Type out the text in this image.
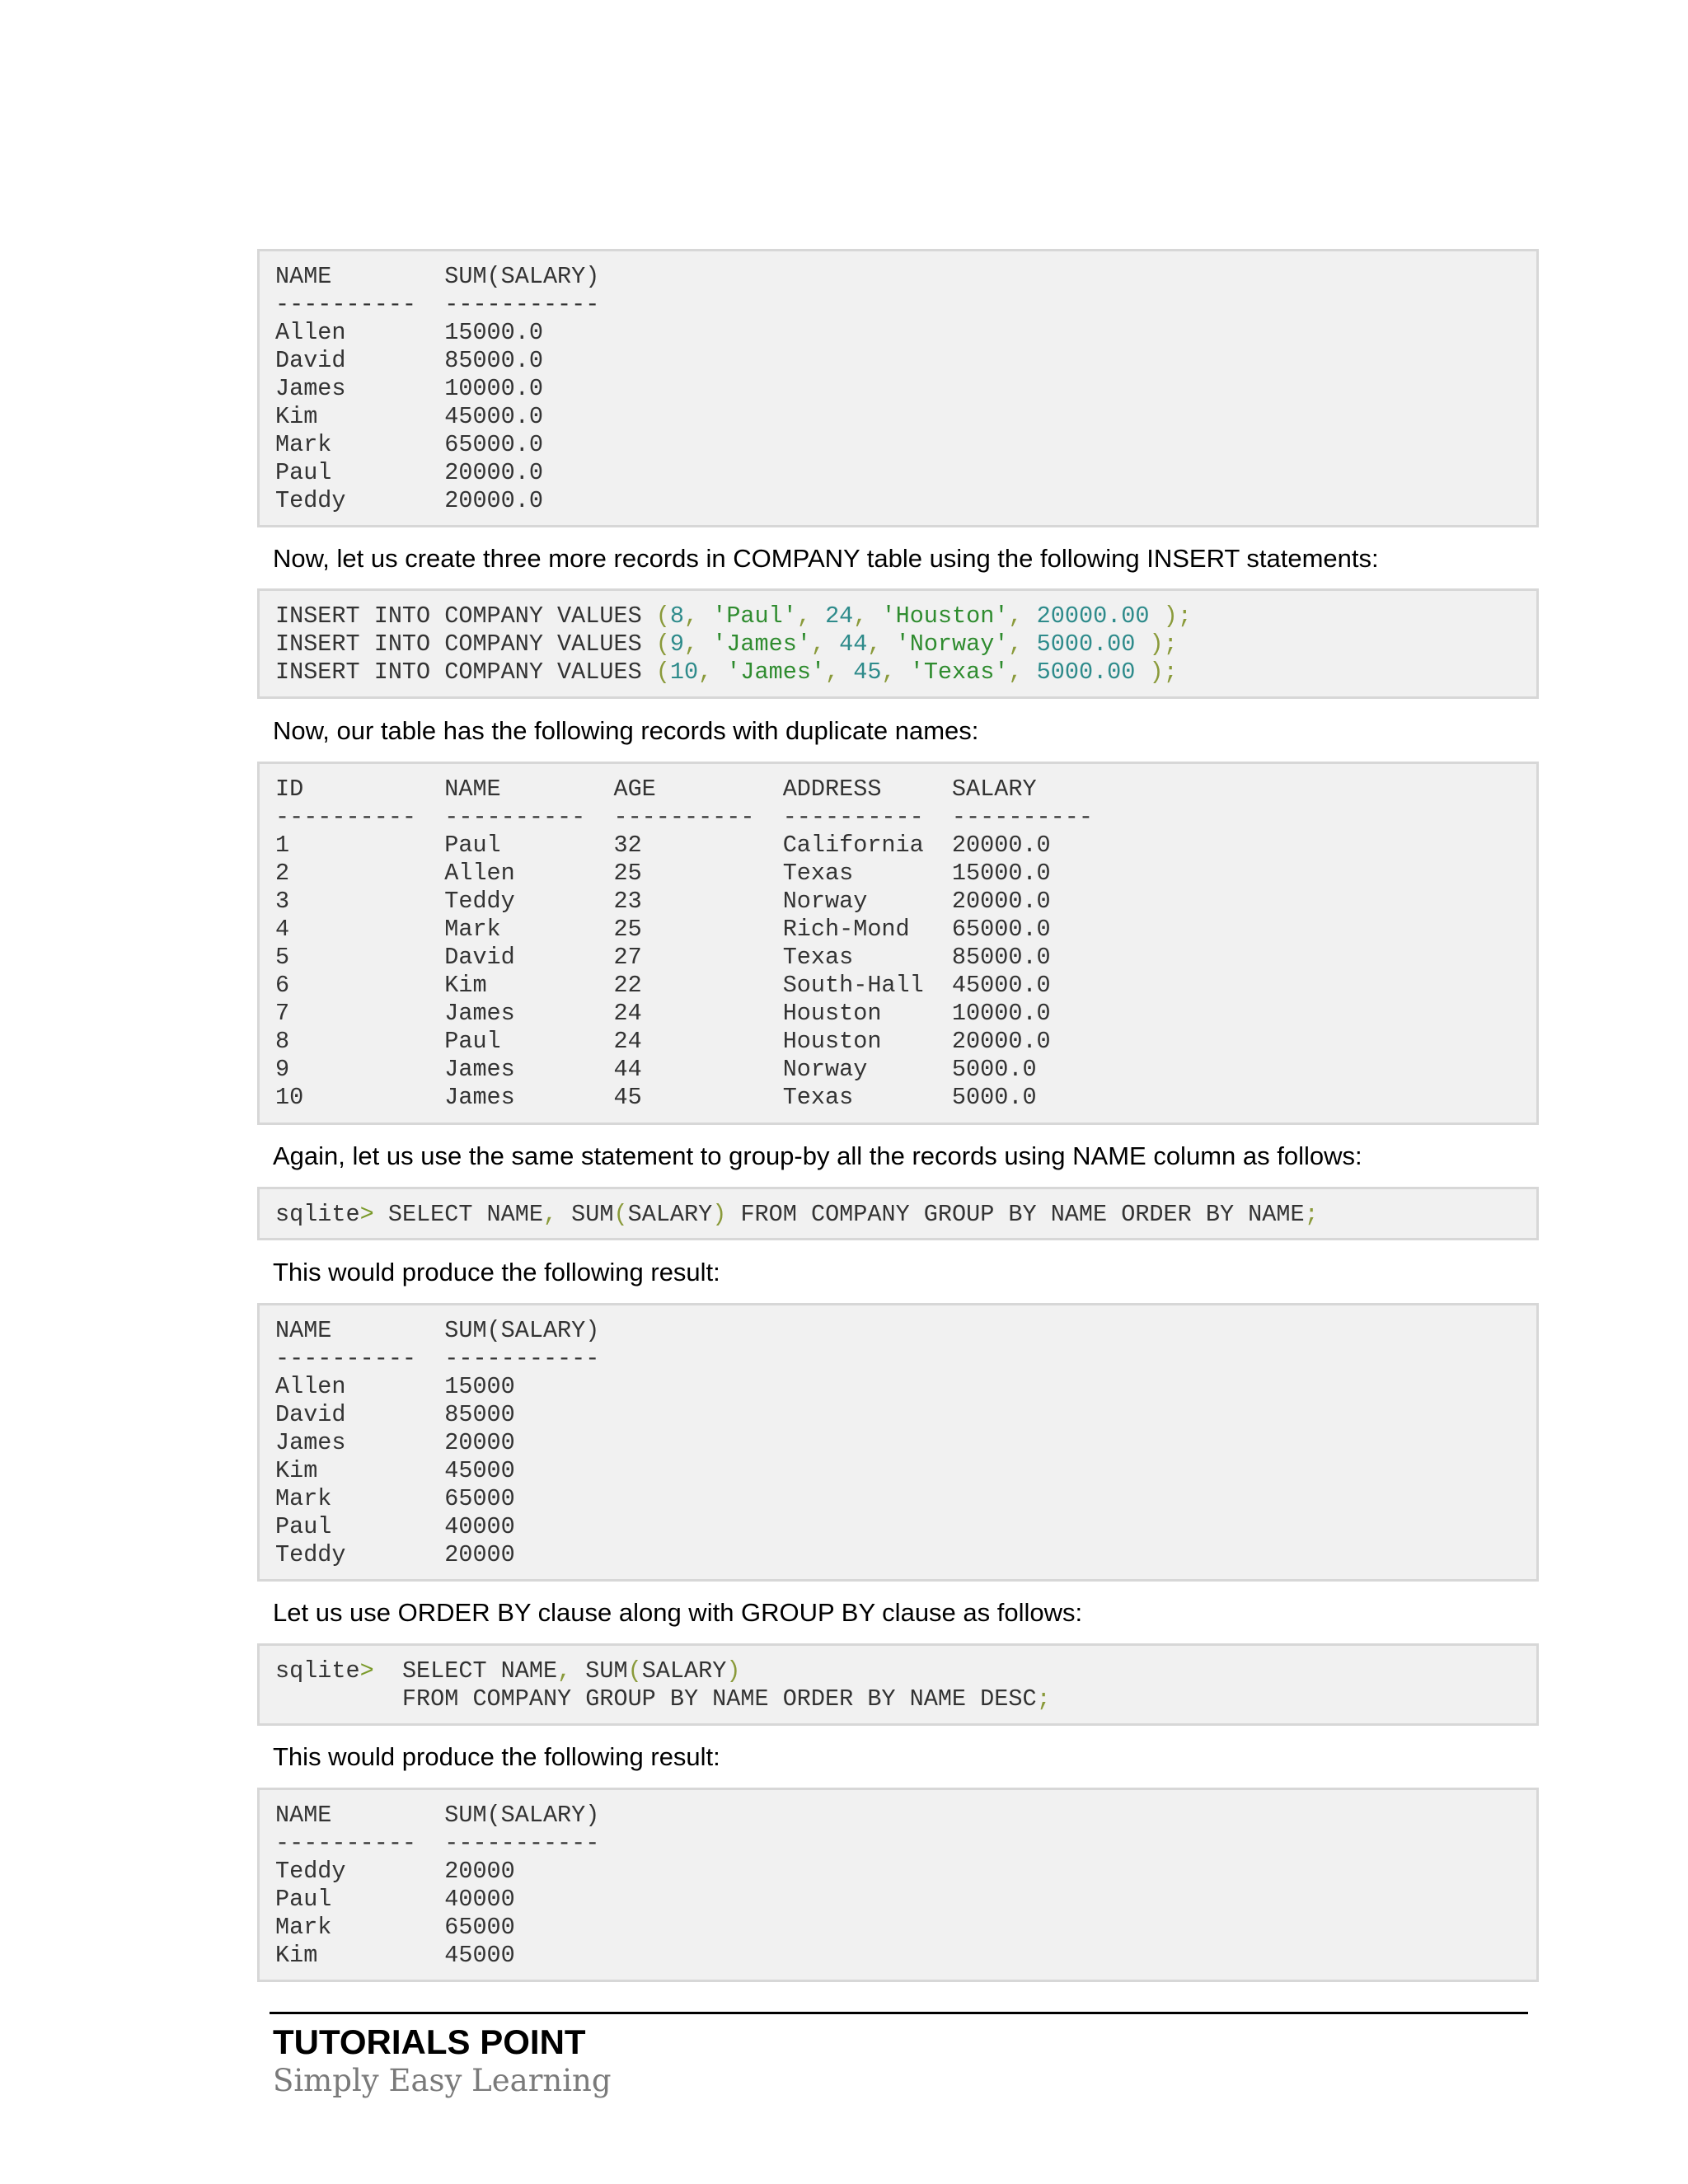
NAME        SUM(SALARY)
----------  -----------
Allen       15000.0
David       85000.0
James       10000.0
Kim         45000.0
Mark        65000.0
Paul        20000.0
Teddy       20000.0
Now, let us create three more records in COMPANY table using the following INSERT statements:
INSERT INTO COMPANY VALUES (8, 'Paul', 24, 'Houston', 20000.00 );
INSERT INTO COMPANY VALUES (9, 'James', 44, 'Norway', 5000.00 );
INSERT INTO COMPANY VALUES (10, 'James', 45, 'Texas', 5000.00 );
Now, our table has the following records with duplicate names:
ID          NAME        AGE         ADDRESS     SALARY
----------  ----------  ----------  ----------  ----------
1           Paul        32          California  20000.0
2           Allen       25          Texas       15000.0
3           Teddy       23          Norway      20000.0
4           Mark        25          Rich-Mond   65000.0
5           David       27          Texas       85000.0
6           Kim         22          South-Hall  45000.0
7           James       24          Houston     10000.0
8           Paul        24          Houston     20000.0
9           James       44          Norway      5000.0
10          James       45          Texas       5000.0
Again, let us use the same statement to group-by all the records using NAME column as follows:
sqlite> SELECT NAME, SUM(SALARY) FROM COMPANY GROUP BY NAME ORDER BY NAME;
This would produce the following result:
NAME        SUM(SALARY)
----------  -----------
Allen       15000
David       85000
James       20000
Kim         45000
Mark        65000
Paul        40000
Teddy       20000
Let us use ORDER BY clause along with GROUP BY clause as follows:
sqlite>  SELECT NAME, SUM(SALARY)
FROM COMPANY GROUP BY NAME ORDER BY NAME DESC;
This would produce the following result:
NAME        SUM(SALARY)
----------  -----------
Teddy       20000
Paul        40000
Mark        65000
Kim         45000
TUTORIALS POINT
Simply Easy Learning
